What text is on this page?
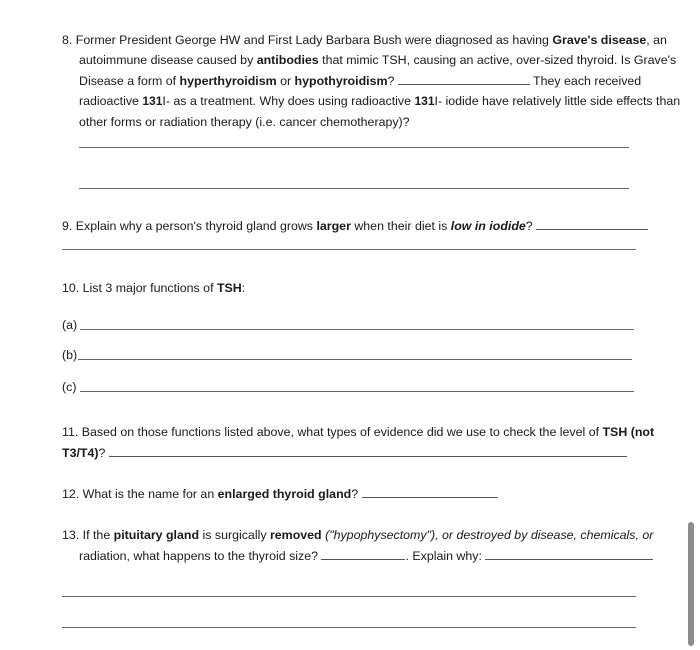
8. Former President George HW and First Lady Barbara Bush were diagnosed as having Grave's disease, an
autoimmune disease caused by antibodies that mimic TSH, causing an active, over-sized thyroid. Is Grave's
Disease a form of hyperthyroidism or hypothyroidism?	They each received
radioactive 131I- as a treatment. Why does using radioactive 131I- iodide have relatively little side effects than
other forms or radiation therapy (i.e. cancer chemotherapy)?
9. Explain why a person's thyroid gland grows larger when their diet is low in iodide?
10. List 3 major functions of TSH:
(a)
(b)
(c)
11. Based on those functions listed above, what types of evidence did we use to check the level of TSH (not
T3/T4)?
12. What is the name for an enlarged thyroid gland?
13. If the pituitary gland is surgically removed ("hypophysectomy"), or destroyed by disease, chemicals, or
radiation, what happens to the thyroid size?	. Explain why:
